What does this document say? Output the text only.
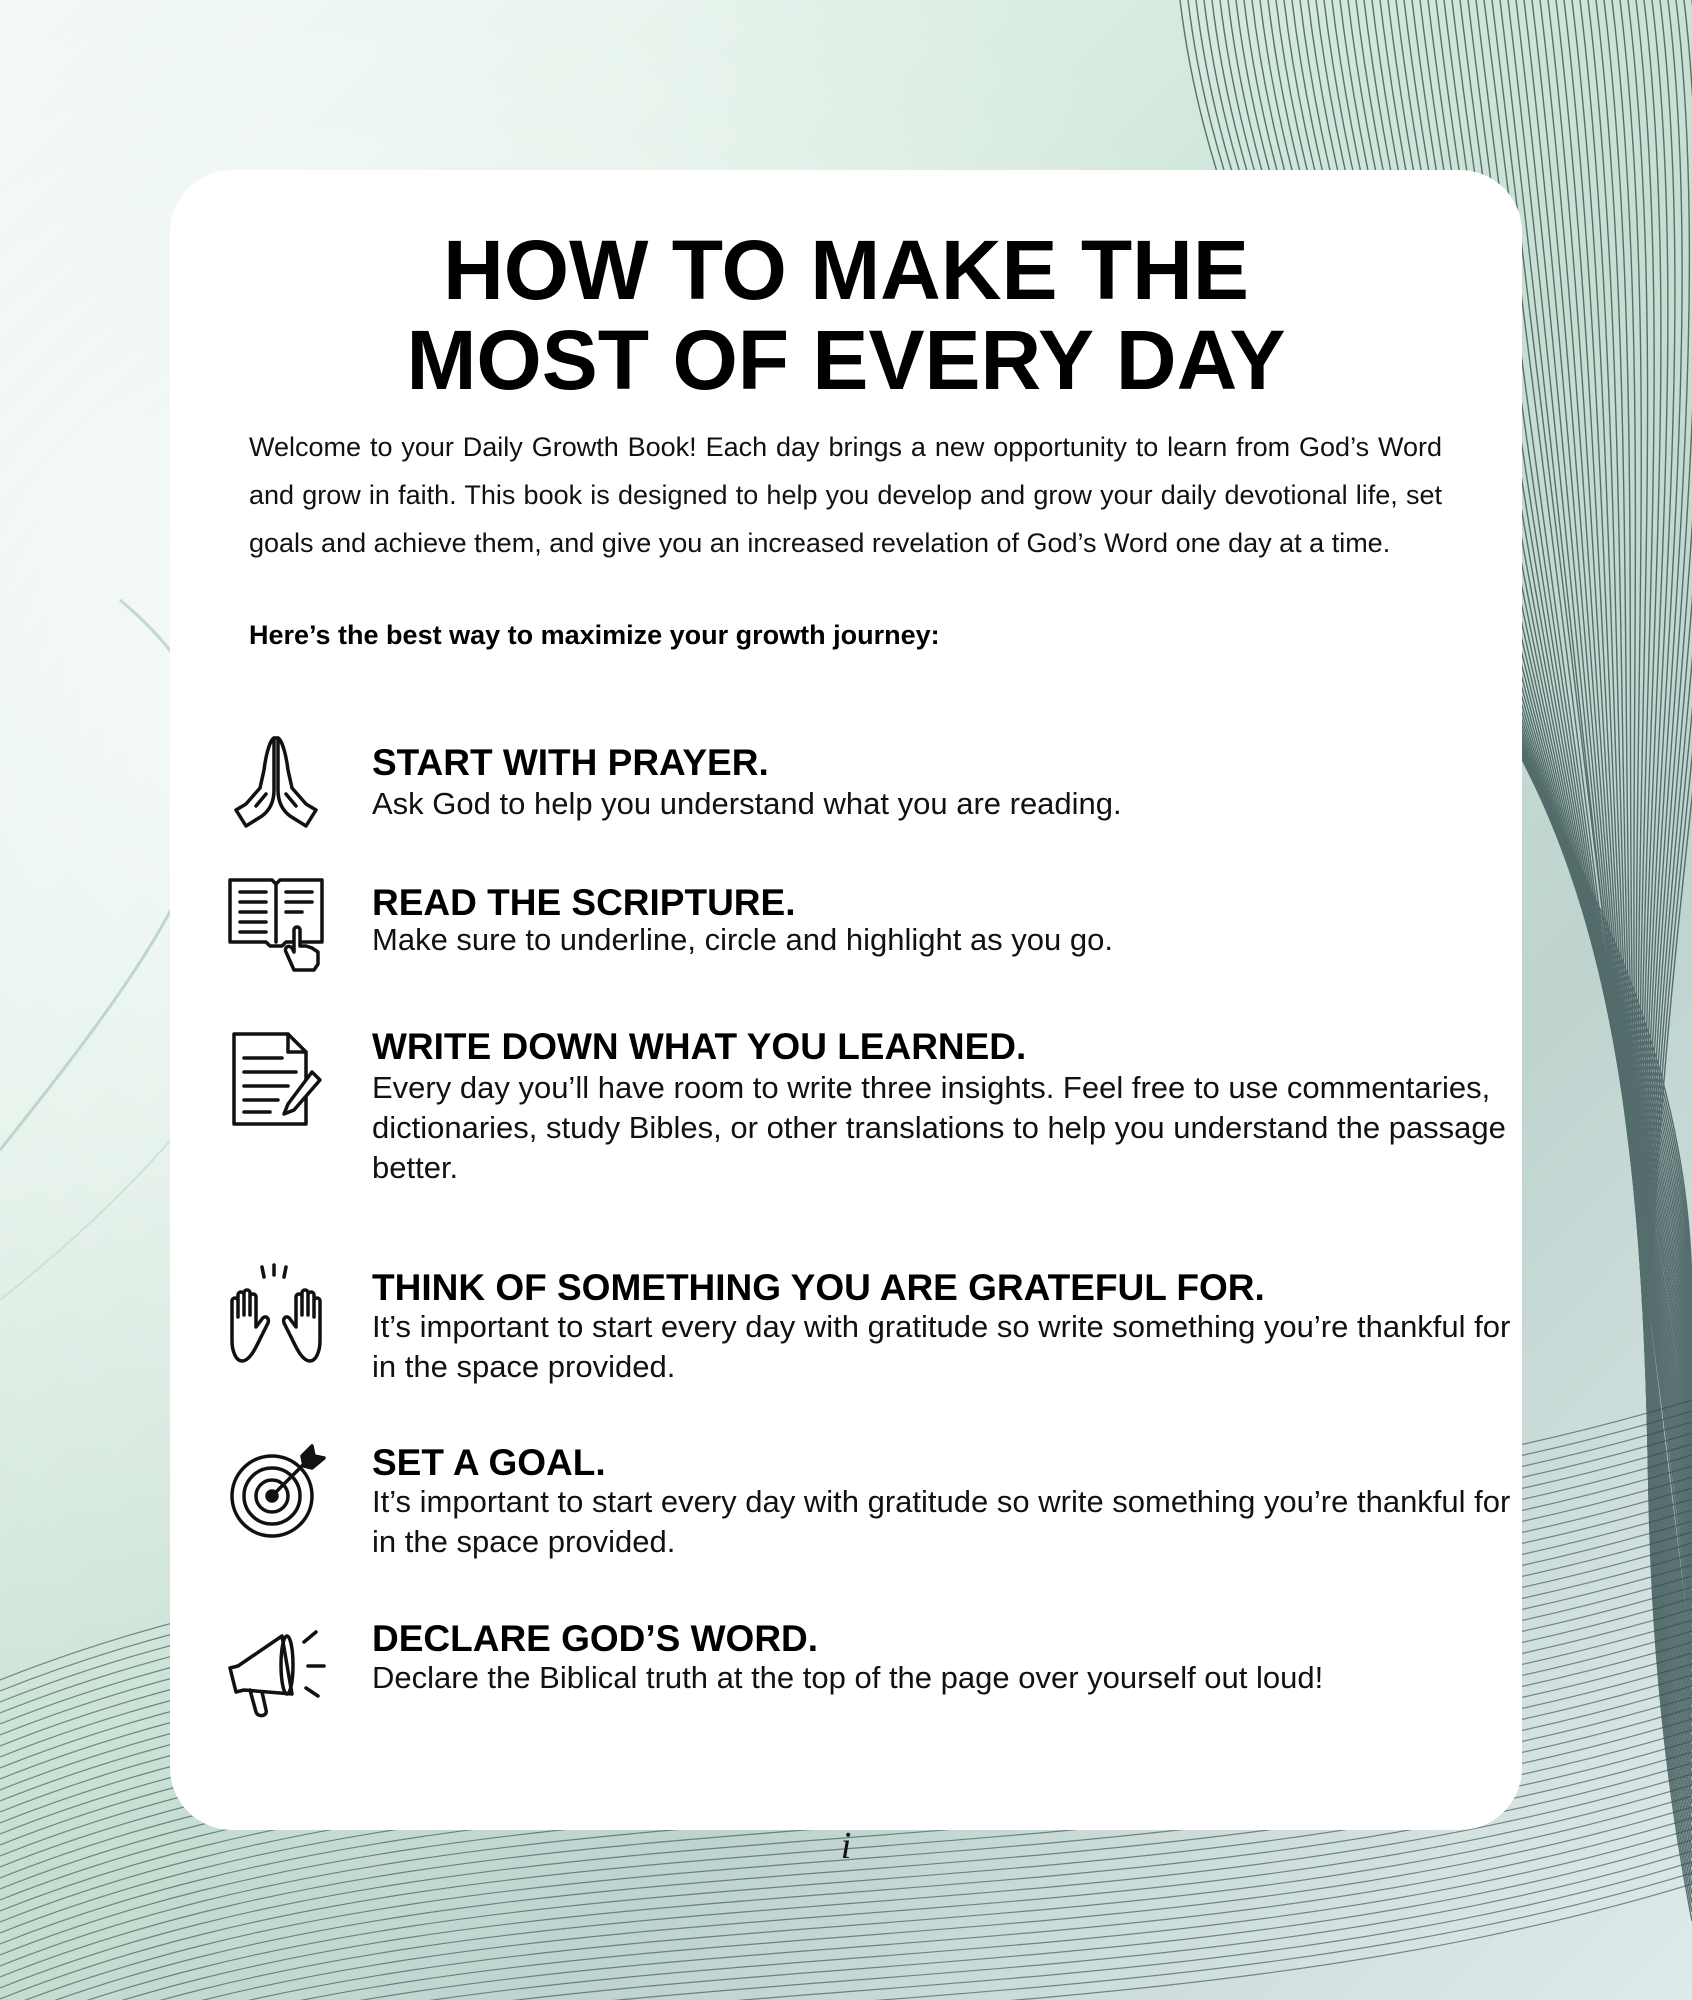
HOW TO MAKE THE
MOST OF EVERY DAY

Welcome to your Daily Growth Book! Each day brings a new opportunity to learn from God’s Word and grow in faith. This book is designed to help you develop and grow your daily devotional life, set goals and achieve them, and give you an increased revelation of God’s Word one day at a time.

Here’s the best way to maximize your growth journey:

START WITH PRAYER.

Ask God to help you understand what you are reading.

READ THE SCRIPTURE.

Make sure to underline, circle and highlight as you go.

WRITE DOWN WHAT YOU LEARNED.

Every day you’ll have room to write three insights. Feel free to use commentaries, dictionaries, study Bibles, or other translations to help you understand the passage better.

THINK OF SOMETHING YOU ARE GRATEFUL FOR.

It’s important to start every day with gratitude so write something you’re thankful for in the space provided.

SET A GOAL.

It’s important to start every day with gratitude so write something you’re thankful for in the space provided.

DECLARE GOD’S WORD.

Declare the Biblical truth at the top of the page over yourself out loud!

i
